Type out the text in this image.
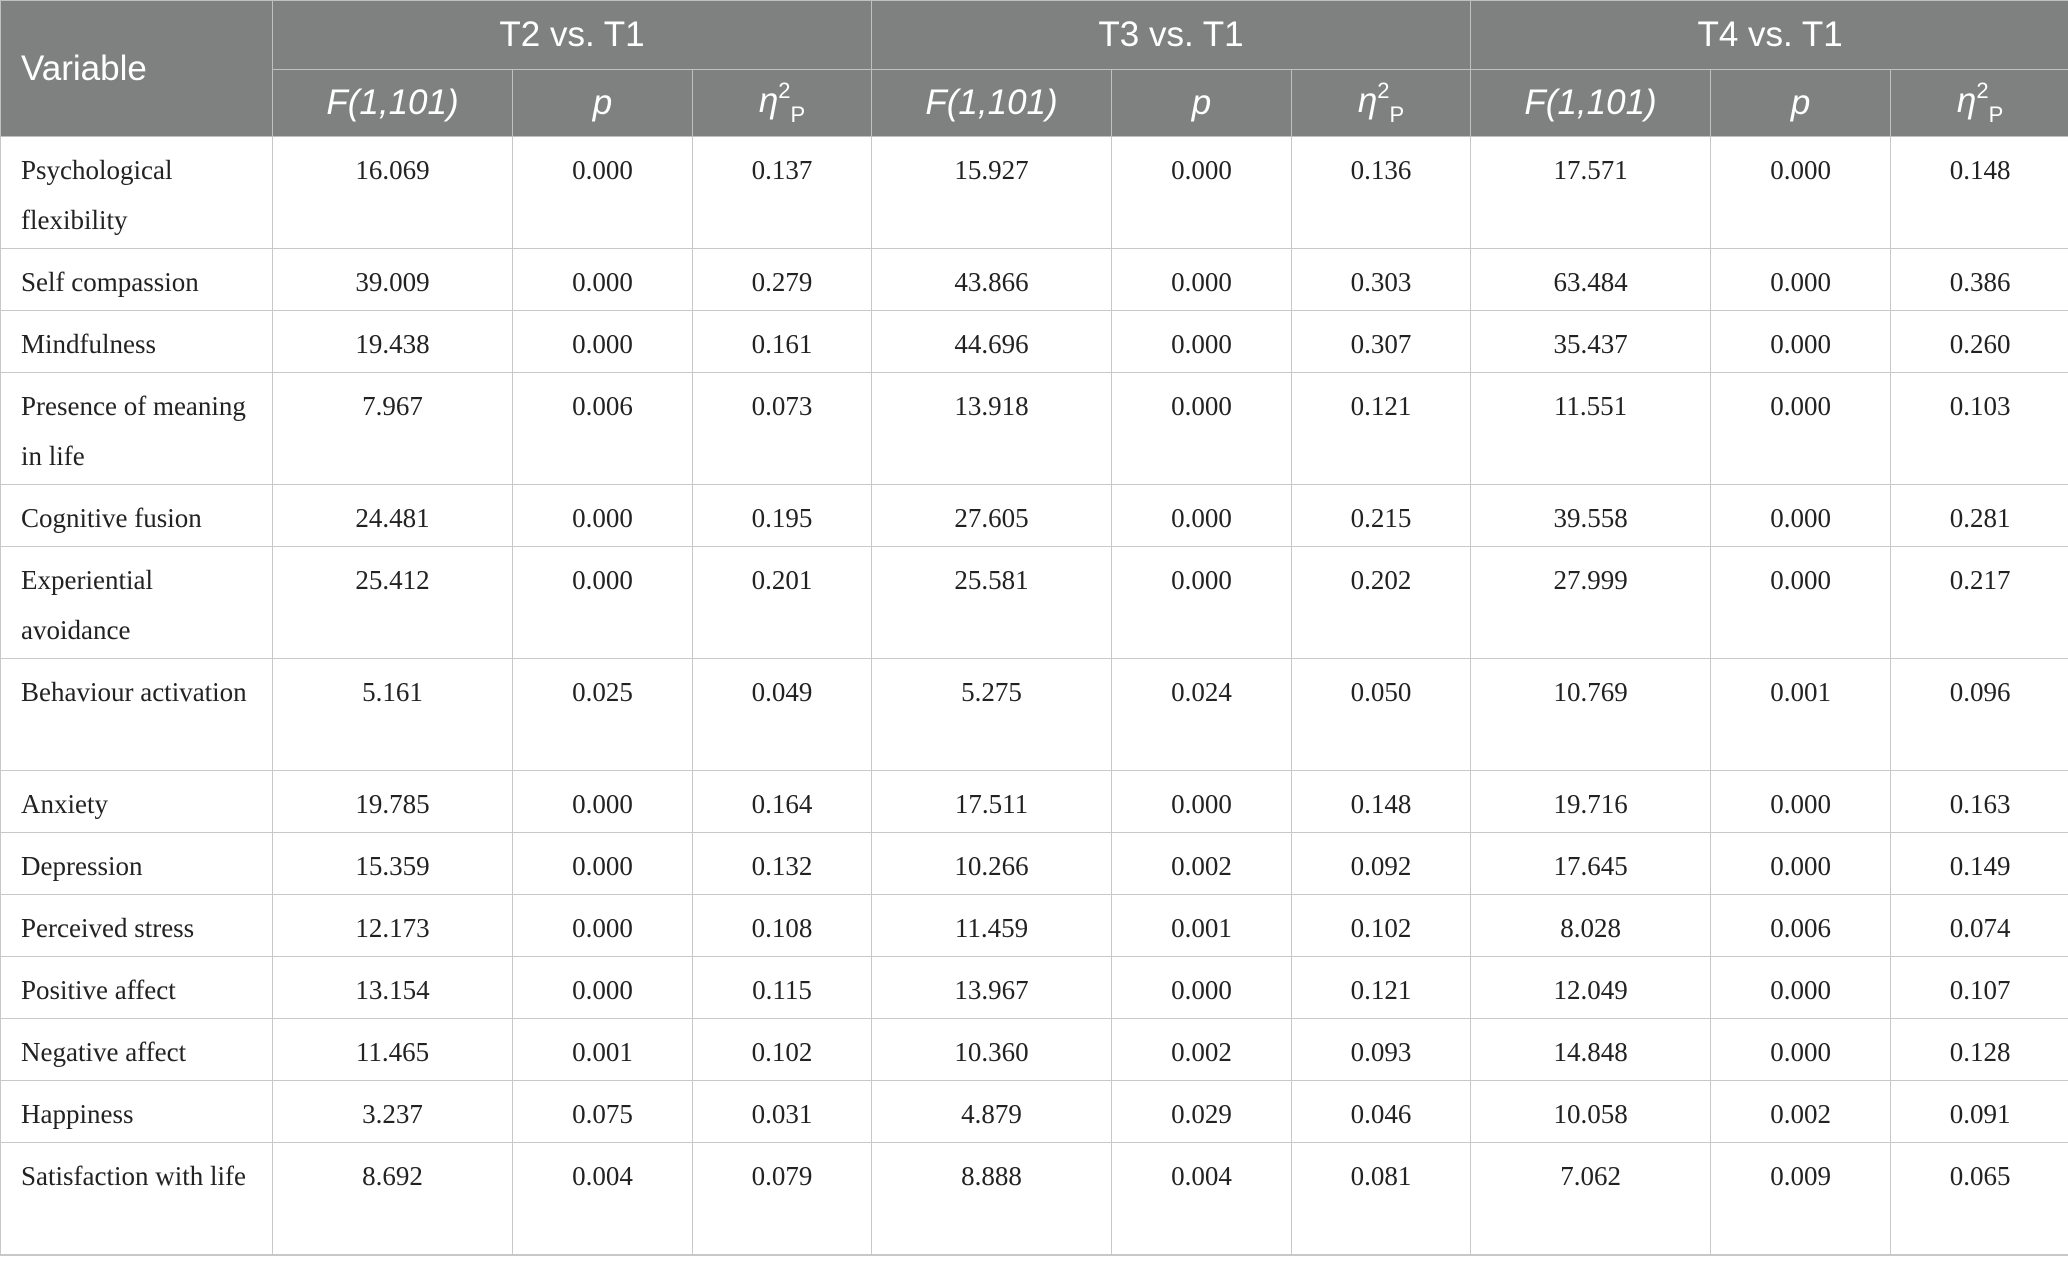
Variable	T2 vs. T1			T3 vs. T1			T4 vs. T1		
	F(1,101)	p	$\eta^2_P$	F(1,101)	p	$\eta^2_P$	F(1,101)	p	$\eta^2_P$
Psychological flexibility	16.069	0.000	0.137	15.927	0.000	0.136	17.571	0.000	0.148
Self compassion	39.009	0.000	0.279	43.866	0.000	0.303	63.484	0.000	0.386
Mindfulness	19.438	0.000	0.161	44.696	0.000	0.307	35.437	0.000	0.260
Presence of meaning in life	7.967	0.006	0.073	13.918	0.000	0.121	11.551	0.000	0.103
Cognitive fusion	24.481	0.000	0.195	27.605	0.000	0.215	39.558	0.000	0.281
Experiential avoidance	25.412	0.000	0.201	25.581	0.000	0.202	27.999	0.000	0.217
Behaviour activation	5.161	0.025	0.049	5.275	0.024	0.050	10.769	0.001	0.096
Anxiety	19.785	0.000	0.164	17.511	0.000	0.148	19.716	0.000	0.163
Depression	15.359	0.000	0.132	10.266	0.002	0.092	17.645	0.000	0.149
Perceived stress	12.173	0.000	0.108	11.459	0.001	0.102	8.028	0.006	0.074
Positive affect	13.154	0.000	0.115	13.967	0.000	0.121	12.049	0.000	0.107
Negative affect	11.465	0.001	0.102	10.360	0.002	0.093	14.848	0.000	0.128
Happiness	3.237	0.075	0.031	4.879	0.029	0.046	10.058	0.002	0.091
Satisfaction with life	8.692	0.004	0.079	8.888	0.004	0.081	7.062	0.009	0.065
